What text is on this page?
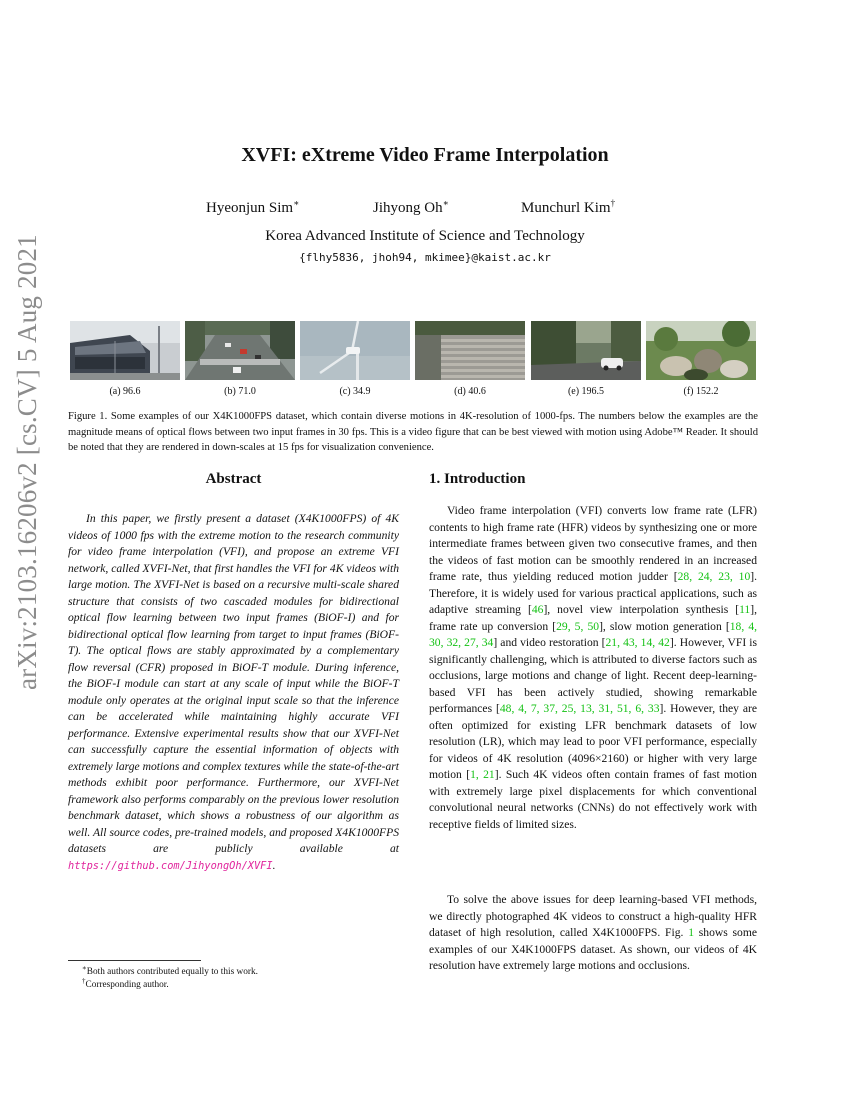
arXiv:2103.16206v2 [cs.CV] 5 Aug 2021
XVFI: eXtreme Video Frame Interpolation
Hyeonjun Sim∗	Jihyong Oh∗	Munchurl Kim†
Korea Advanced Institute of Science and Technology
{flhy5836, jhoh94, mkimee}@kaist.ac.kr
(a) 96.6	(b) 71.0	(c) 34.9	(d) 40.6	(e) 196.5	(f) 152.2
Figure 1. Some examples of our X4K1000FPS dataset, which contain diverse motions in 4K-resolution of 1000-fps. The numbers below the examples are the magnitude means of optical flows between two input frames in 30 fps. This is a video figure that can be best viewed with motion using Adobe™ Reader. It should be noted that they are rendered in down-scales at 15 fps for visualization convenience.
Abstract
In this paper, we firstly present a dataset (X4K1000FPS) of 4K videos of 1000 fps with the extreme motion to the research community for video frame interpolation (VFI), and propose an extreme VFI network, called XVFI-Net, that first handles the VFI for 4K videos with large motion. The XVFI-Net is based on a recursive multi-scale shared structure that consists of two cascaded modules for bidirectional optical flow learning between two input frames (BiOF-I) and for bidirectional optical flow learning from target to input frames (BiOF-T). The optical flows are stably approximated by a complementary flow reversal (CFR) proposed in BiOF-T module. During inference, the BiOF-I module can start at any scale of input while the BiOF-T module only operates at the original input scale so that the inference can be accelerated while maintaining highly accurate VFI performance. Extensive experimental results show that our XVFI-Net can successfully capture the essential information of objects with extremely large motions and complex textures while the state-of-the-art methods exhibit poor performance. Furthermore, our XVFI-Net framework also performs comparably on the previous lower resolution benchmark dataset, which shows a robustness of our algorithm as well. All source codes, pre-trained models, and proposed X4K1000FPS datasets are publicly available at https://github.com/JihyongOh/XVFI.
1. Introduction
Video frame interpolation (VFI) converts low frame rate (LFR) contents to high frame rate (HFR) videos by synthesizing one or more intermediate frames between given two consecutive frames, and then the videos of fast motion can be smoothly rendered in an increased frame rate, thus yielding reduced motion judder [28, 24, 23, 10]. Therefore, it is widely used for various practical applications, such as adaptive streaming [46], novel view interpolation synthesis [11], frame rate up conversion [29, 5, 50], slow motion generation [18, 4, 30, 32, 27, 34] and video restoration [21, 43, 14, 42]. However, VFI is significantly challenging, which is attributed to diverse factors such as occlusions, large motions and change of light. Recent deep-learning-based VFI has been actively studied, showing remarkable performances [48, 4, 7, 37, 25, 13, 31, 51, 6, 33]. However, they are often optimized for existing LFR benchmark datasets of low resolution (LR), which may lead to poor VFI performance, especially for videos of 4K resolution (4096×2160) or higher with very large motion [1, 21]. Such 4K videos often contain frames of fast motion with extremely large pixel displacements for which conventional convolutional neural networks (CNNs) do not effectively work with receptive fields of limited sizes.
To solve the above issues for deep learning-based VFI methods, we directly photographed 4K videos to construct a high-quality HFR dataset of high resolution, called X4K1000FPS. Fig. 1 shows some examples of our X4K1000FPS dataset. As shown, our videos of 4K resolution have extremely large motions and occlusions.
∗Both authors contributed equally to this work.
†Corresponding author.
